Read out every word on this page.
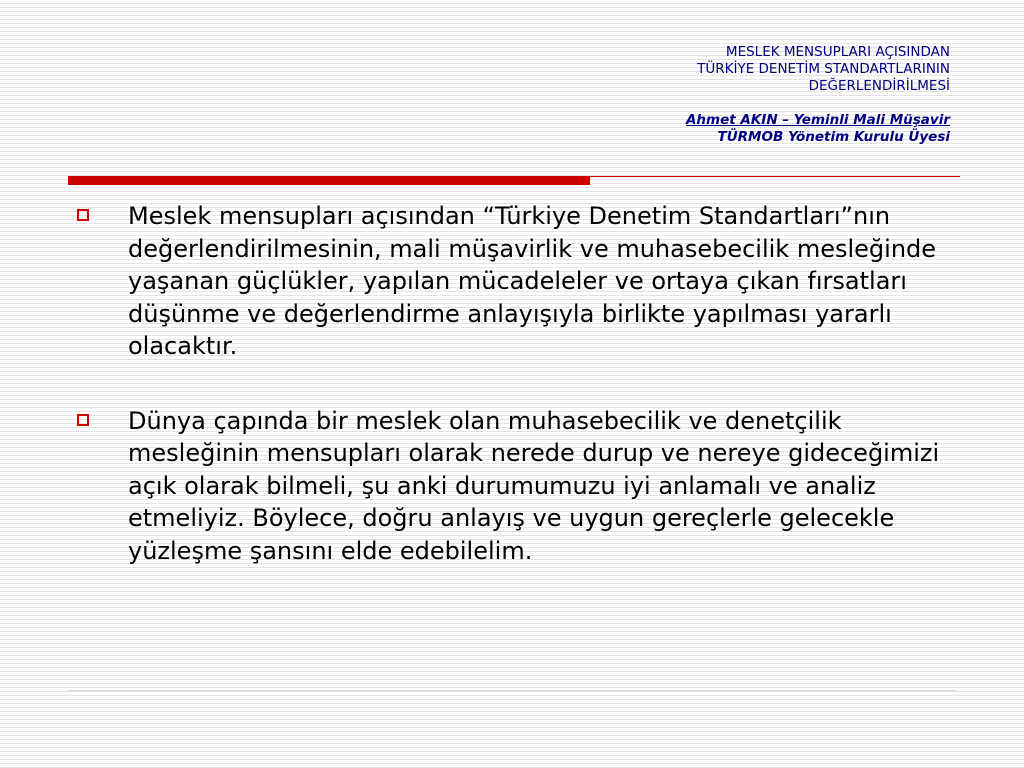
MESLEK MENSUPLARI AÇISINDAN
TÜRKİYE DENETİM STANDARTLARININ
DEĞERLENDİRİLMESİ
Ahmet AKIN – Yeminli Mali Müşavir
TÜRMOB Yönetim Kurulu Üyesi
Meslek mensupları açısından “Türkiye Denetim Standartları”nın değerlendirilmesinin, mali müşavirlik ve muhasebecilik mesleğinde yaşanan güçlükler, yapılan mücadeleler ve ortaya çıkan fırsatları düşünme ve değerlendirme anlayışıyla birlikte yapılması yararlı olacaktır.
Dünya çapında bir meslek olan muhasebecilik ve denetçilik mesleğinin mensupları olarak nerede durup ve nereye gideceğimizi açık olarak bilmeli, şu anki durumumuzu iyi anlamalı ve analiz etmeliyiz. Böylece, doğru anlayış ve uygun gereçlerle gelecekle yüzleşme şansını elde edebilelim.
